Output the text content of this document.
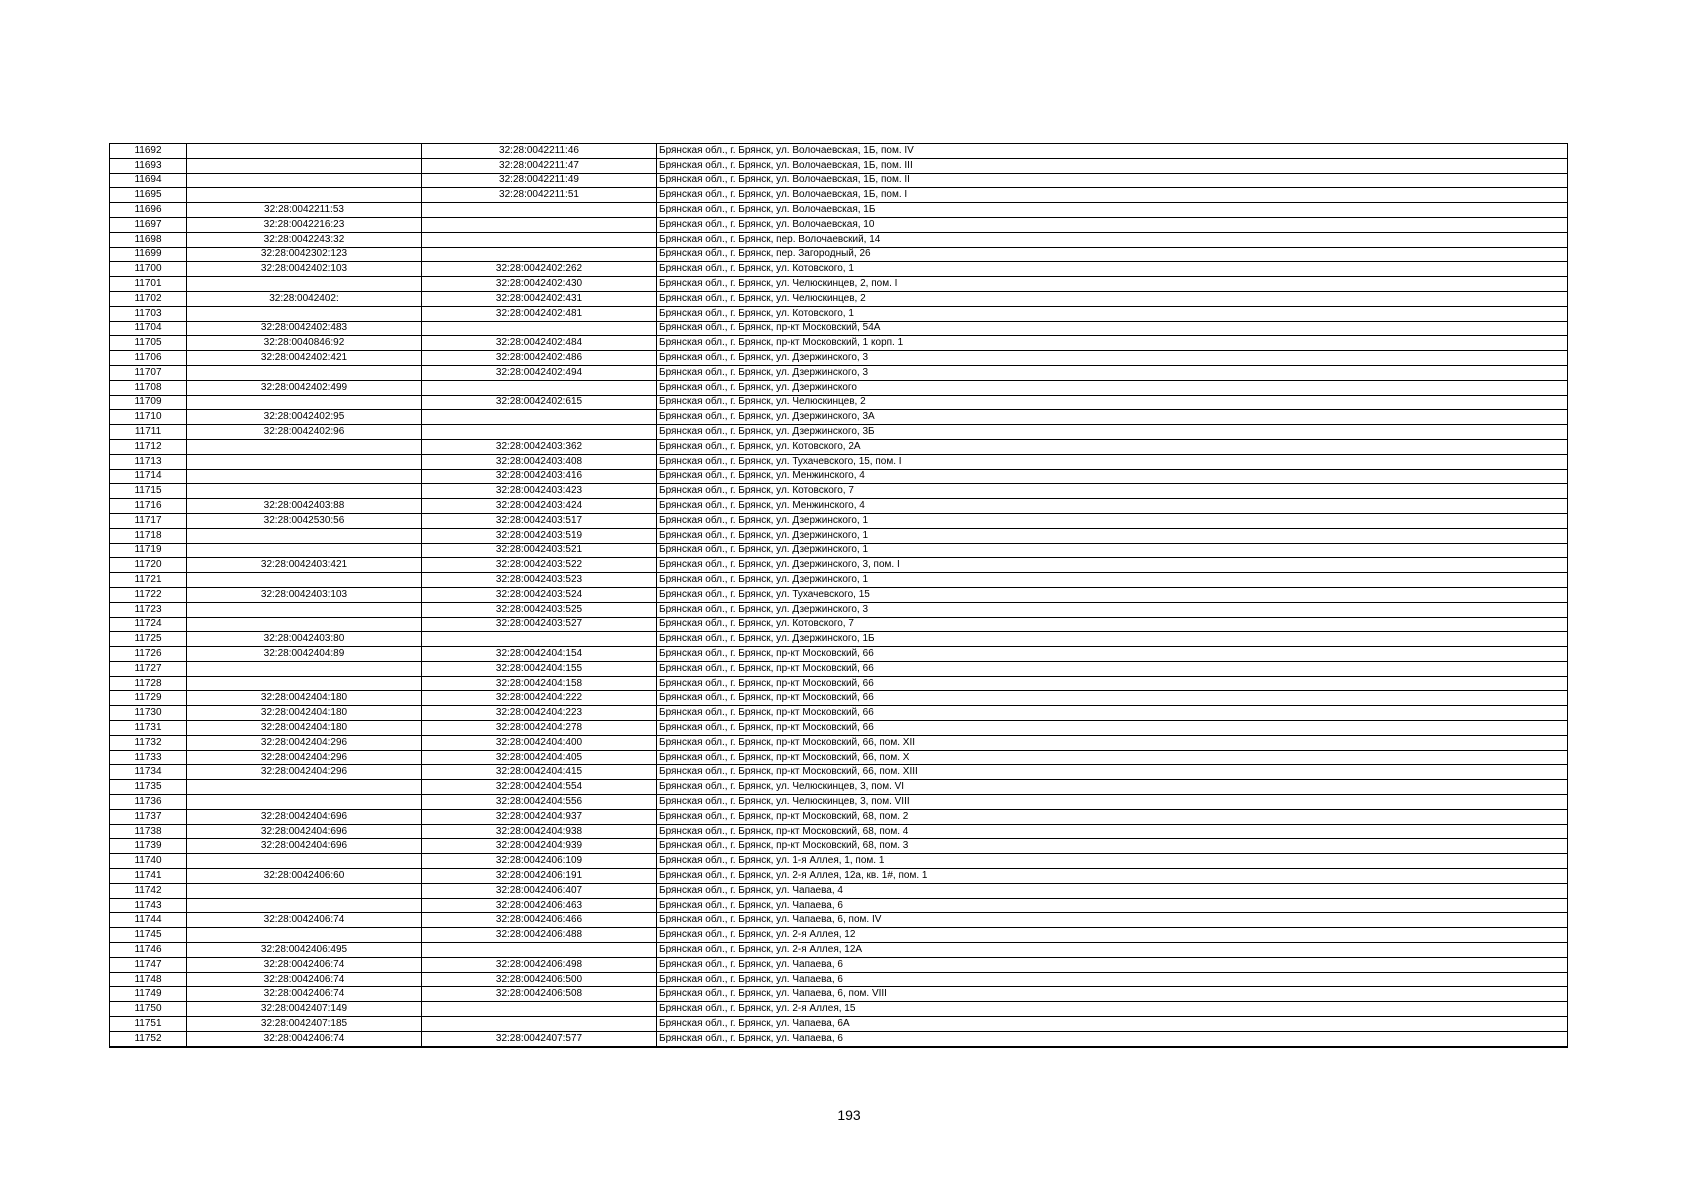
11692		32:28:0042211:46	Брянская обл., г. Брянск, ул. Волочаевская, 1Б, пом. IV
11693		32:28:0042211:47	Брянская обл., г. Брянск, ул. Волочаевская, 1Б, пом. III
11694		32:28:0042211:49	Брянская обл., г. Брянск, ул. Волочаевская, 1Б, пом. II
11695		32:28:0042211:51	Брянская обл., г. Брянск, ул. Волочаевская, 1Б, пом. I
11696	32:28:0042211:53		Брянская обл., г. Брянск, ул. Волочаевская, 1Б
11697	32:28:0042216:23		Брянская обл., г. Брянск, ул. Волочаевская, 10
11698	32:28:0042243:32		Брянская обл., г. Брянск, пер. Волочаевский, 14
11699	32:28:0042302:123		Брянская обл., г. Брянск, пер. Загородный, 26
11700	32:28:0042402:103	32:28:0042402:262	Брянская обл., г. Брянск, ул. Котовского, 1
11701		32:28:0042402:430	Брянская обл., г. Брянск, ул. Челюскинцев, 2, пом. I
11702	32:28:0042402:	32:28:0042402:431	Брянская обл., г. Брянск, ул. Челюскинцев, 2
11703		32:28:0042402:481	Брянская обл., г. Брянск, ул. Котовского, 1
11704	32:28:0042402:483		Брянская обл., г. Брянск, пр-кт Московский, 54А
11705	32:28:0040846:92	32:28:0042402:484	Брянская обл., г. Брянск, пр-кт Московский, 1 корп. 1
11706	32:28:0042402:421	32:28:0042402:486	Брянская обл., г. Брянск, ул. Дзержинского, 3
11707		32:28:0042402:494	Брянская обл., г. Брянск, ул. Дзержинского, 3
11708	32:28:0042402:499		Брянская обл., г. Брянск, ул. Дзержинского
11709		32:28:0042402:615	Брянская обл., г. Брянск, ул. Челюскинцев, 2
11710	32:28:0042402:95		Брянская обл., г. Брянск, ул. Дзержинского, 3А
11711	32:28:0042402:96		Брянская обл., г. Брянск, ул. Дзержинского, 3Б
11712		32:28:0042403:362	Брянская обл., г. Брянск, ул. Котовского, 2А
11713		32:28:0042403:408	Брянская обл., г. Брянск, ул. Тухачевского, 15, пом. I
11714		32:28:0042403:416	Брянская обл., г. Брянск, ул. Менжинского, 4
11715		32:28:0042403:423	Брянская обл., г. Брянск, ул. Котовского, 7
11716	32:28:0042403:88	32:28:0042403:424	Брянская обл., г. Брянск, ул. Менжинского, 4
11717	32:28:0042530:56	32:28:0042403:517	Брянская обл., г. Брянск, ул. Дзержинского, 1
11718		32:28:0042403:519	Брянская обл., г. Брянск, ул. Дзержинского, 1
11719		32:28:0042403:521	Брянская обл., г. Брянск, ул. Дзержинского, 1
11720	32:28:0042403:421	32:28:0042403:522	Брянская обл., г. Брянск, ул. Дзержинского, 3, пом. I
11721		32:28:0042403:523	Брянская обл., г. Брянск, ул. Дзержинского, 1
11722	32:28:0042403:103	32:28:0042403:524	Брянская обл., г. Брянск, ул. Тухачевского, 15
11723		32:28:0042403:525	Брянская обл., г. Брянск, ул. Дзержинского, 3
11724		32:28:0042403:527	Брянская обл., г. Брянск, ул. Котовского, 7
11725	32:28:0042403:80		Брянская обл., г. Брянск, ул. Дзержинского, 1Б
11726	32:28:0042404:89	32:28:0042404:154	Брянская обл., г. Брянск, пр-кт Московский, 66
11727		32:28:0042404:155	Брянская обл., г. Брянск, пр-кт Московский, 66
11728		32:28:0042404:158	Брянская обл., г. Брянск, пр-кт Московский, 66
11729	32:28:0042404:180	32:28:0042404:222	Брянская обл., г. Брянск, пр-кт Московский, 66
11730	32:28:0042404:180	32:28:0042404:223	Брянская обл., г. Брянск, пр-кт Московский, 66
11731	32:28:0042404:180	32:28:0042404:278	Брянская обл., г. Брянск, пр-кт Московский, 66
11732	32:28:0042404:296	32:28:0042404:400	Брянская обл., г. Брянск, пр-кт Московский, 66, пом. XII
11733	32:28:0042404:296	32:28:0042404:405	Брянская обл., г. Брянск, пр-кт Московский, 66, пом. X
11734	32:28:0042404:296	32:28:0042404:415	Брянская обл., г. Брянск, пр-кт Московский, 66, пом. XIII
11735		32:28:0042404:554	Брянская обл., г. Брянск, ул. Челюскинцев, 3, пом. VI
11736		32:28:0042404:556	Брянская обл., г. Брянск, ул. Челюскинцев, 3, пом. VIII
11737	32:28:0042404:696	32:28:0042404:937	Брянская обл., г. Брянск, пр-кт Московский, 68, пом. 2
11738	32:28:0042404:696	32:28:0042404:938	Брянская обл., г. Брянск, пр-кт Московский, 68, пом. 4
11739	32:28:0042404:696	32:28:0042404:939	Брянская обл., г. Брянск, пр-кт Московский, 68, пом. 3
11740		32:28:0042406:109	Брянская обл., г. Брянск, ул. 1-я Аллея, 1, пом. 1
11741	32:28:0042406:60	32:28:0042406:191	Брянская обл., г. Брянск, ул. 2-я Аллея, 12а, кв. 1#, пом. 1
11742		32:28:0042406:407	Брянская обл., г. Брянск, ул. Чапаева, 4
11743		32:28:0042406:463	Брянская обл., г. Брянск, ул. Чапаева, 6
11744	32:28:0042406:74	32:28:0042406:466	Брянская обл., г. Брянск, ул. Чапаева, 6, пом. IV
11745		32:28:0042406:488	Брянская обл., г. Брянск, ул. 2-я Аллея, 12
11746	32:28:0042406:495		Брянская обл., г. Брянск, ул. 2-я Аллея, 12А
11747	32:28:0042406:74	32:28:0042406:498	Брянская обл., г. Брянск, ул. Чапаева, 6
11748	32:28:0042406:74	32:28:0042406:500	Брянская обл., г. Брянск, ул. Чапаева, 6
11749	32:28:0042406:74	32:28:0042406:508	Брянская обл., г. Брянск, ул. Чапаева, 6, пом. VIII
11750	32:28:0042407:149		Брянская обл., г. Брянск, ул. 2-я Аллея, 15
11751	32:28:0042407:185		Брянская обл., г. Брянск, ул. Чапаева, 6А
11752	32:28:0042406:74	32:28:0042407:577	Брянская обл., г. Брянск, ул. Чапаева, 6
193
